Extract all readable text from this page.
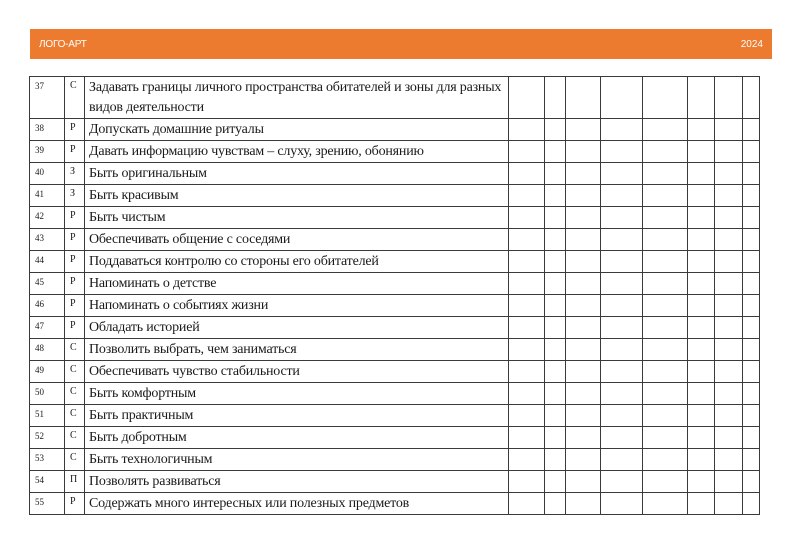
ЛОГО-АРТ	2024
37	С	Задавать границы личного пространства обитателей и зоны для разных видов деятельности								
38	Р	Допускать домашние ритуалы								
39	Р	Давать информацию чувствам – слуху, зрению, обонянию								
40	З	Быть оригинальным								
41	З	Быть красивым								
42	Р	Быть чистым								
43	Р	Обеспечивать общение с соседями								
44	Р	Поддаваться контролю со стороны его обитателей								
45	Р	Напоминать о детстве								
46	Р	Напоминать о событиях жизни								
47	Р	Обладать историей								
48	С	Позволить выбрать, чем заниматься								
49	С	Обеспечивать чувство стабильности								
50	С	Быть комфортным								
51	С	Быть практичным								
52	С	Быть добротным								
53	С	Быть технологичным								
54	П	Позволять развиваться								
55	Р	Содержать много интересных или полезных предметов								
